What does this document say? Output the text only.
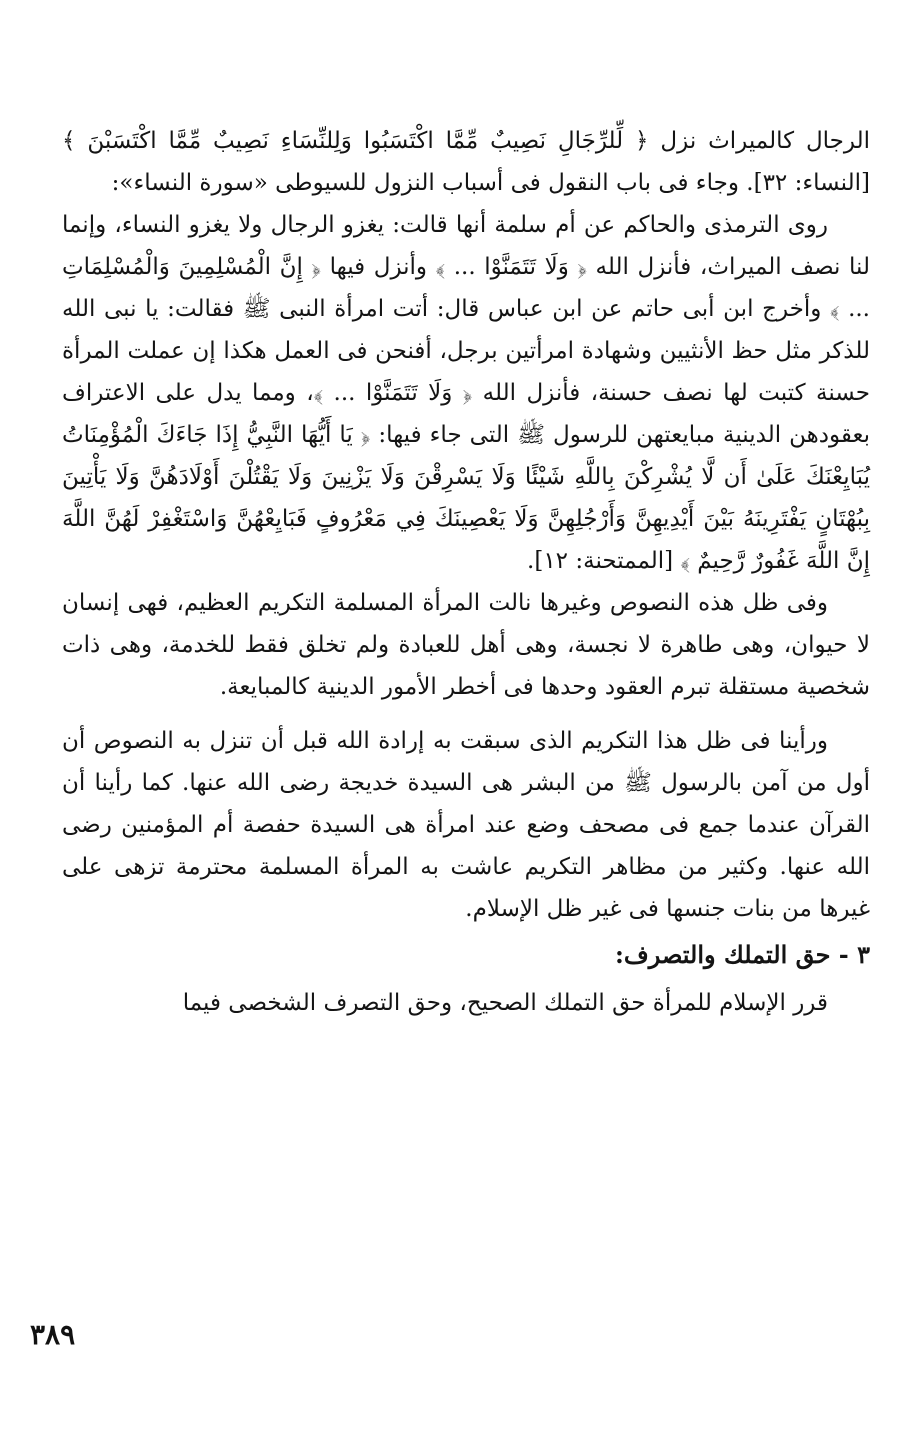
الرجال كالميراث نزل ﴿ لِّلرِّجَالِ نَصِيبٌ مِّمَّا اكْتَسَبُوا وَلِلنِّسَاءِ نَصِيبٌ مِّمَّا اكْتَسَبْنَ ﴾ [النساء: ٣٢]. وجاء فى باب النقول فى أسباب النزول للسيوطى «سورة النساء»:

روى الترمذى والحاكم عن أم سلمة أنها قالت: يغزو الرجال ولا يغزو النساء، وإنما لنا نصف الميراث، فأنزل الله ﴿ وَلَا تَتَمَنَّوْا ... ﴾ وأنزل فيها ﴿ إِنَّ الْمُسْلِمِينَ وَالْمُسْلِمَاتِ ... ﴾ وأخرج ابن أبى حاتم عن ابن عباس قال: أتت امرأة النبى ﷺ فقالت: يا نبى الله للذكر مثل حظ الأنثيين وشهادة امرأتين برجل، أفنحن فى العمل هكذا إن عملت المرأة حسنة كتبت لها نصف حسنة، فأنزل الله ﴿ وَلَا تَتَمَنَّوْا ... ﴾، ومما يدل على الاعتراف بعقودهن الدينية مبايعتهن للرسول ﷺ التى جاء فيها: ﴿ يَا أَيُّهَا النَّبِيُّ إِذَا جَاءَكَ الْمُؤْمِنَاتُ يُبَايِعْنَكَ عَلَىٰ أَن لَّا يُشْرِكْنَ بِاللَّهِ شَيْئًا وَلَا يَسْرِقْنَ وَلَا يَزْنِينَ وَلَا يَقْتُلْنَ أَوْلَادَهُنَّ وَلَا يَأْتِينَ بِبُهْتَانٍ يَفْتَرِينَهُ بَيْنَ أَيْدِيهِنَّ وَأَرْجُلِهِنَّ وَلَا يَعْصِينَكَ فِي مَعْرُوفٍ فَبَايِعْهُنَّ وَاسْتَغْفِرْ لَهُنَّ اللَّهَ إِنَّ اللَّهَ غَفُورٌ رَّحِيمٌ ﴾ [الممتحنة: ١٢].

وفى ظل هذه النصوص وغيرها نالت المرأة المسلمة التكريم العظيم، فهى إنسان لا حيوان، وهى طاهرة لا نجسة، وهى أهل للعبادة ولم تخلق فقط للخدمة، وهى ذات شخصية مستقلة تبرم العقود وحدها فى أخطر الأمور الدينية كالمبايعة.

ورأينا فى ظل هذا التكريم الذى سبقت به إرادة الله قبل أن تنزل به النصوص أن أول من آمن بالرسول ﷺ من البشر هى السيدة خديجة رضى الله عنها. كما رأينا أن القرآن عندما جمع فى مصحف وضع عند امرأة هى السيدة حفصة أم المؤمنين رضى الله عنها. وكثير من مظاهر التكريم عاشت به المرأة المسلمة محترمة تزهى على غيرها من بنات جنسها فى غير ظل الإسلام.

٣ - حق التملك والتصرف:

قرر الإسلام للمرأة حق التملك الصحيح، وحق التصرف الشخصى فيما

٣٨٩
